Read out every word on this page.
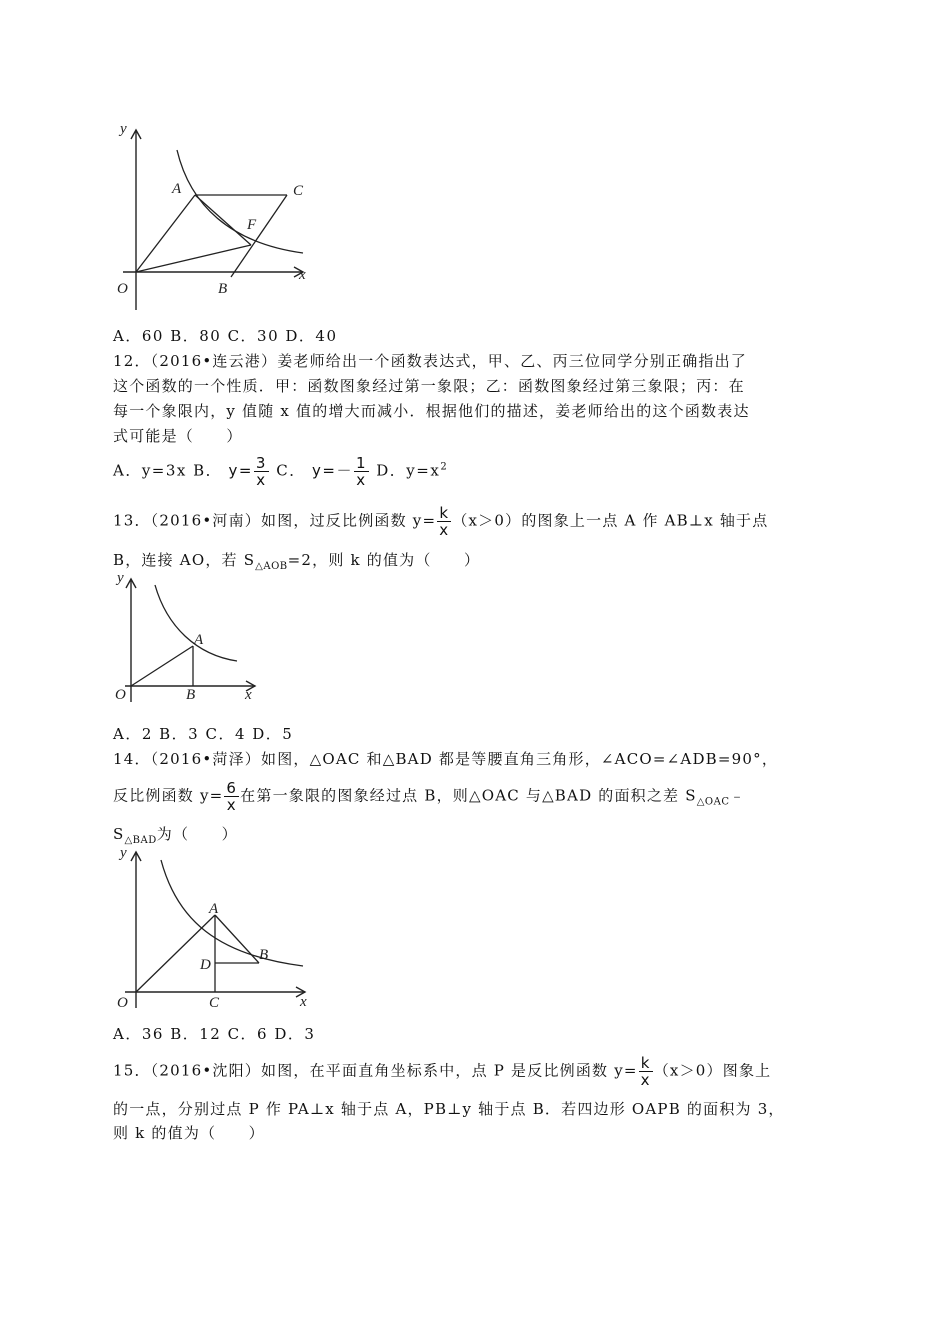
y
x
O
A	C
F
B
A．60 B．80 C．30 D．40
12．（2016•连云港）姜老师给出一个函数表达式，甲、乙、丙三位同学分别正确指出了
这个函数的一个性质．甲：函数图象经过第一象限；乙：函数图象经过第三象限；丙：在
每一个象限内，y 值随 x 值的增大而减小．根据他们的描述，姜老师给出的这个函数表达
式可能是（　　）
A．y=3x B． $y= \frac{3}{x}$ C． $y=- \frac{1}{x}$ D．$y=x^2$
13．（2016•河南）如图，过反比例函数 $y= \frac{k}{x} (x>0)$的图象上一点 A 作 AB⊥x 轴于点
B，连接 AO，若 $S_{\triangle AOB}=2$，则 k 的值为（　　）
y
x
O
A
B
A．2 B．3 C．4 D．5
14．（2016•菏泽）如图，△OAC 和△BAD 都是等腰直角三角形，∠ACO=∠ADB=90°，
反比例函数 $y= \frac{6}{x}$ 在第一象限的图象经过点 B，则△OAC 与△BAD 的面积之差 $S_{\triangle OAC}﹣$
$S_{\triangle BAD}$为（　　）
y
x
O
A
B
D
C
A．36 B．12 C．6 D．3
15．（2016•沈阳）如图，在平面直角坐标系中，点 P 是反比例函数 $y= \frac{k}{x} (x>0)$图象上
的一点，分别过点 P 作 PA⊥x 轴于点 A，PB⊥y 轴于点 B．若四边形 OAPB 的面积为 3，
则 k 的值为（　　）
